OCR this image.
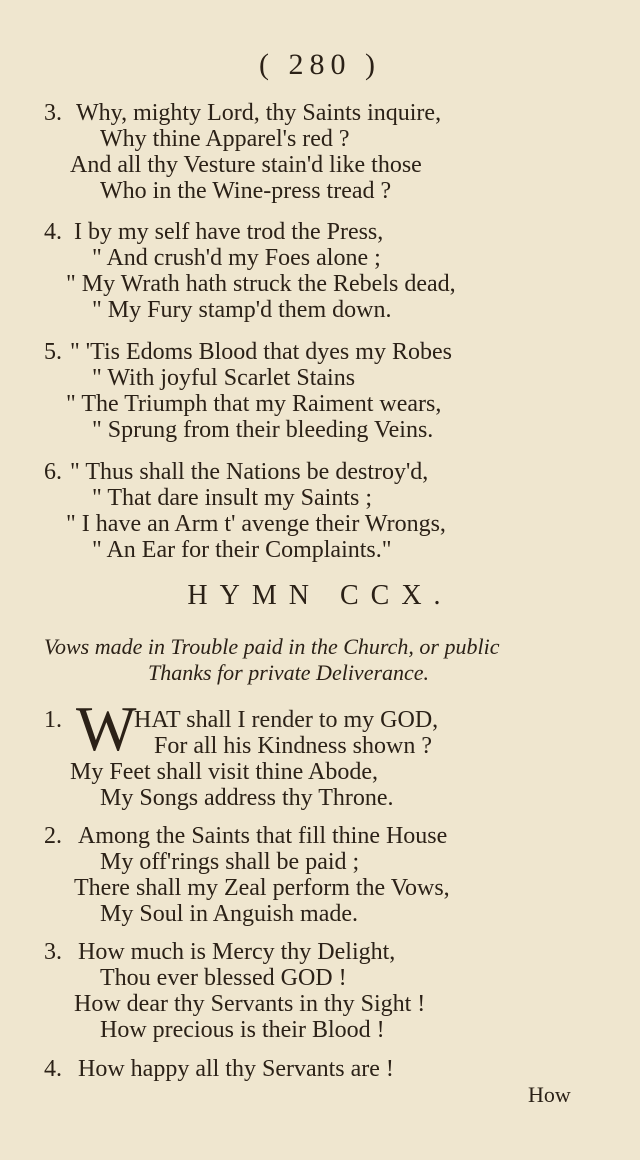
( 280 )
3. Why, mighty Lord, thy Saints inquire,
Why thine Apparel's red ?
And all thy Vesture stain'd like those
Who in the Wine-press tread ?
4. I by my self have trod the Press,
" And crush'd my Foes alone ;
" My Wrath hath struck the Rebels dead,
" My Fury stamp'd them down.
5. " 'Tis Edoms Blood that dyes my Robes
" With joyful Scarlet Stains
" The Triumph that my Raiment wears,
" Sprung from their bleeding Veins.
6. " Thus shall the Nations be destroy'd,
" That dare insult my Saints ;
" I have an Arm t' avenge their Wrongs,
" An Ear for their Complaints."
HYMN CCX.
Vows made in Trouble paid in the Church, or public
Thanks for private Deliverance.
1. W
HAT shall I render to my GOD,
For all his Kindness shown ?
My Feet shall visit thine Abode,
My Songs address thy Throne.
2. Among the Saints that fill thine House
My off'rings shall be paid ;
There shall my Zeal perform the Vows,
My Soul in Anguish made.
3. How much is Mercy thy Delight,
Thou ever blessed GOD !
How dear thy Servants in thy Sight !
How precious is their Blood !
4. How happy all thy Servants are !
How
